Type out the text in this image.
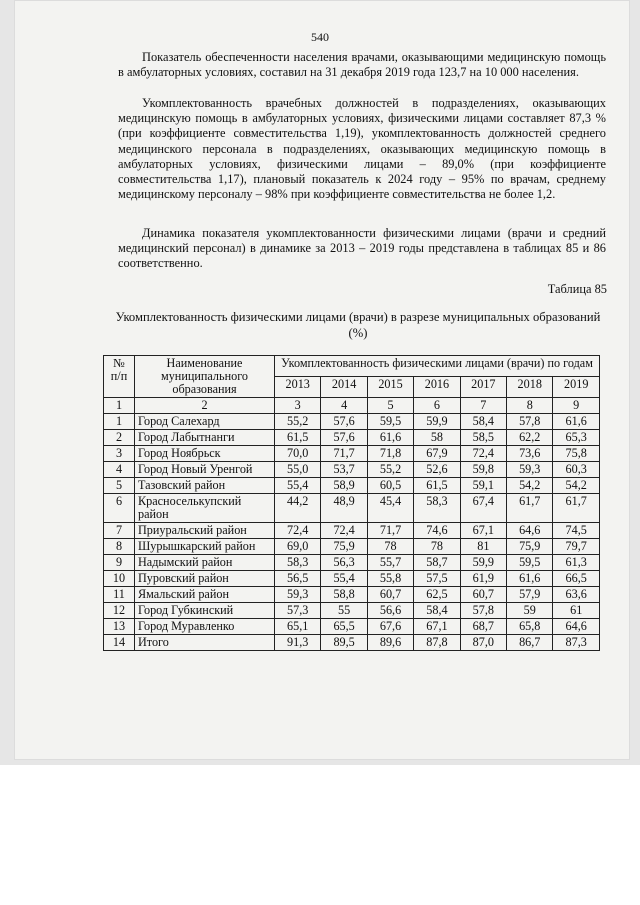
540
Показатель обеспеченности населения врачами, оказывающими медицинскую помощь в амбулаторных условиях, составил на 31 декабря 2019 года 123,7 на 10 000 населения.
Укомплектованность врачебных должностей в подразделениях, оказывающих медицинскую помощь в амбулаторных условиях, физическими лицами составляет 87,3 % (при коэффициенте совместительства 1,19), укомплектованность должностей среднего медицинского персонала в подразделениях, оказывающих медицинскую помощь в амбулаторных условиях, физическими лицами – 89,0% (при коэффициенте совместительства 1,17), плановый показатель к 2024 году – 95% по врачам, среднему медицинскому персоналу – 98% при коэффициенте совместительства не более 1,2.
Динамика показателя укомплектованности физическими лицами (врачи и средний медицинский персонал) в динамике за 2013 – 2019 годы представлена в таблицах 85 и 86 соответственно.
Таблица 85
Укомплектованность физическими лицами (врачи) в разрезе муниципальных образований (%)
№ п/п	Наименование муниципального образования	Укомплектованность физическими лицами (врачи) по годам						
		2013	2014	2015	2016	2017	2018	2019
1	2	3	4	5	6	7	8	9
1	Город Салехард	55,2	57,6	59,5	59,9	58,4	57,8	61,6
2	Город Лабытнанги	61,5	57,6	61,6	58	58,5	62,2	65,3
3	Город Ноябрьск	70,0	71,7	71,8	67,9	72,4	73,6	75,8
4	Город Новый Уренгой	55,0	53,7	55,2	52,6	59,8	59,3	60,3
5	Тазовский район	55,4	58,9	60,5	61,5	59,1	54,2	54,2
6	Красноселькупский район	44,2	48,9	45,4	58,3	67,4	61,7	61,7
7	Приуральский район	72,4	72,4	71,7	74,6	67,1	64,6	74,5
8	Шурышкарский район	69,0	75,9	78	78	81	75,9	79,7
9	Надымский район	58,3	56,3	55,7	58,7	59,9	59,5	61,3
10	Пуровский район	56,5	55,4	55,8	57,5	61,9	61,6	66,5
11	Ямальский район	59,3	58,8	60,7	62,5	60,7	57,9	63,6
12	Город Губкинский	57,3	55	56,6	58,4	57,8	59	61
13	Город Муравленко	65,1	65,5	67,6	67,1	68,7	65,8	64,6
14	Итого	91,3	89,5	89,6	87,8	87,0	86,7	87,3
